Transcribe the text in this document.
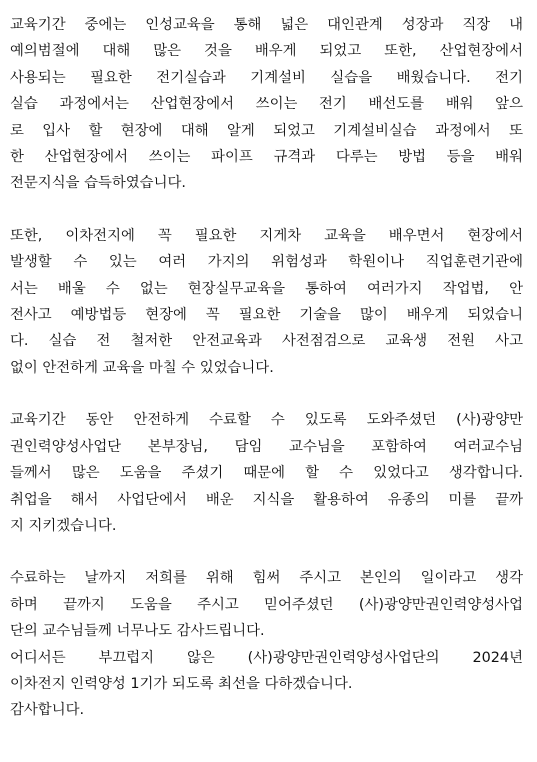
교육기간 중에는 인성교육을 통해 넓은 대인관계 성장과 직장 내
예의범절에 대해 많은 것을 배우게 되었고 또한, 산업현장에서
사용되는 필요한 전기실습과 기계설비 실습을 배웠습니다. 전기
실습 과정에서는 산업현장에서 쓰이는 전기 배선도를 배워 앞으
로 입사 할 현장에 대해 알게 되었고 기계설비실습 과정에서 또
한 산업현장에서 쓰이는 파이프 규격과 다루는 방법 등을 배워
전문지식을 습득하였습니다.
또한, 이차전지에 꼭 필요한 지게차 교육을 배우면서 현장에서
발생할 수 있는 여러 가지의 위험성과 학원이나 직업훈련기관에
서는 배울 수 없는 현장실무교육을 통하여 여러가지 작업법, 안
전사고 예방법등 현장에 꼭 필요한 기술을 많이 배우게 되었습니
다. 실습 전 철저한 안전교육과 사전점검으로 교육생 전원 사고
없이 안전하게 교육을 마칠 수 있었습니다.
교육기간 동안 안전하게 수료할 수 있도록 도와주셨던 (사)광양만
권인력양성사업단 본부장님, 담임 교수님을 포함하여 여러교수님
들께서 많은 도움을 주셨기 때문에 할 수 있었다고 생각합니다.
취업을 해서 사업단에서 배운 지식을 활용하여 유종의 미를 끝까
지 지키겠습니다.
수료하는 날까지 저희를 위해 힘써 주시고 본인의 일이라고 생각
하며 끝까지 도움을 주시고 믿어주셨던 (사)광양만권인력양성사업
단의 교수님들께 너무나도 감사드립니다.
어디서든 부끄럽지 않은 (사)광양만권인력양성사업단의 2024년
이차전지 인력양성 1기가 되도록 최선을 다하겠습니다.
감사합니다.
